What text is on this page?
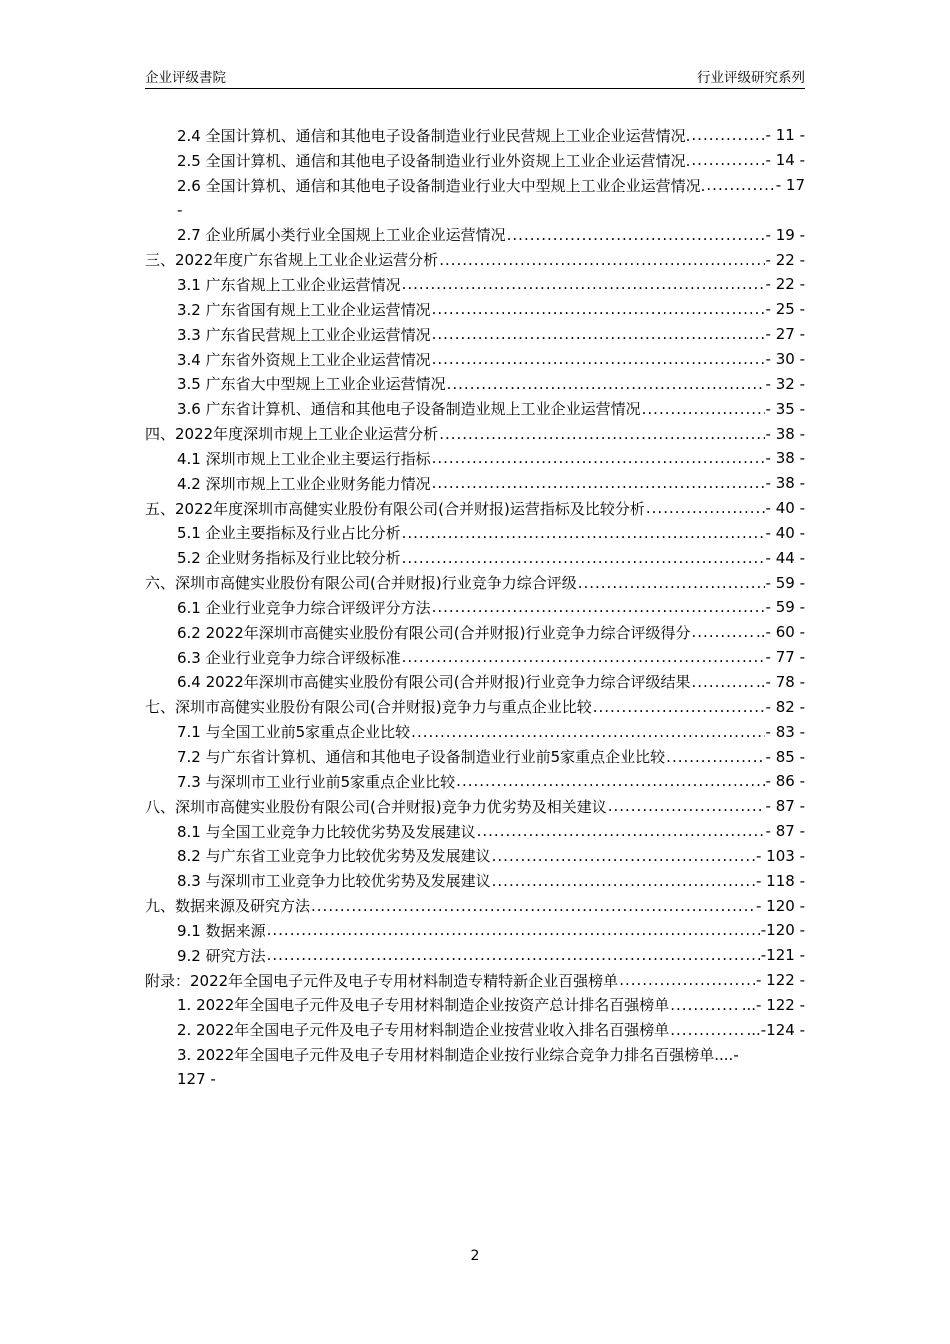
企业评级書院	行业评级研究系列
2.4 全国计算机、通信和其他电子设备制造业行业民营规上工业企业运营情况. .....	.- 11 -
2.5 全国计算机、通信和其他电子设备制造业行业外资规上工业企业运营情况. .....	.- 14 -
2.6 全国计算机、通信和其他电子设备制造业行业大中型规上工业企业运营情况. .....	- 17
-
2.7 企业所属小类行业全国规上工业企业运营情况 .....	- 19 -
三、2022年度广东省规上工业企业运营分析 .....	- 22 -
3.1 广东省规上工业企业运营情况 .....	- 22 -
3.2 广东省国有规上工业企业运营情况 .....	- 25 -
3.3 广东省民营规上工业企业运营情况 .....	- 27 -
3.4 广东省外资规上工业企业运营情况 .....	- 30 -
3.5 广东省大中型规上工业企业运营情况 .....	- 32 -
3.6 广东省计算机、通信和其他电子设备制造业规上工业企业运营情况 .....	- 35 -
四、2022年度深圳市规上工业企业运营分析 .....	- 38 -
4.1 深圳市规上工业企业主要运行指标 .....	- 38 -
4.2 深圳市规上工业企业财务能力情况 .....	- 38 -
五、2022年度深圳市高健实业股份有限公司(合并财报)运营指标及比较分析 .....	- 40 -
5.1 企业主要指标及行业占比分析 .....	- 40 -
5.2 企业财务指标及行业比较分析 .....	- 44 -
六、深圳市高健实业股份有限公司(合并财报)行业竞争力综合评级 .....	- 59 -
6.1 企业行业竞争力综合评级评分方法 .....	- 59 -
6.2 2022年深圳市高健实业股份有限公司(合并财报)行业竞争力综合评级得分 .....	..- 60 -
6.3 企业行业竞争力综合评级标准 .....	- 77 -
6.4 2022年深圳市高健实业股份有限公司(合并财报)行业竞争力综合评级结果 .....	..- 78 -
七、深圳市高健实业股份有限公司(合并财报)竞争力与重点企业比较 .....	- 82 -
7.1 与全国工业前5家重点企业比较 .....	- 83 -
7.2 与广东省计算机、通信和其他电子设备制造业行业前5家重点企业比较 .....	- 85 -
7.3 与深圳市工业行业前5家重点企业比较 .....	- 86 -
八、深圳市高健实业股份有限公司(合并财报)竞争力优劣势及相关建议 .....	- 87 -
8.1 与全国工业竞争力比较优劣势及发展建议 .....	- 87 -
8.2 与广东省工业竞争力比较优劣势及发展建议 .....	- 103 -
8.3 与深圳市工业竞争力比较优劣势及发展建议 .....	- 118 -
九、数据来源及研究方法 .....	- 120 -
9.1 数据来源 .....	-120 -
9.2 研究方法 .....	-121 -
附录：2022年全国电子元件及电子专用材料制造专精特新企业百强榜单 .....	- 122 -
1. 2022年全国电子元件及电子专用材料制造企业按资产总计排名百强榜单 .....	...- 122 -
2. 2022年全国电子元件及电子专用材料制造企业按营业收入排名百强榜单 .....	...-124 -
3. 2022年全国电子元件及电子专用材料制造企业按行业综合竞争力排名百强榜单....-
127 -
2
